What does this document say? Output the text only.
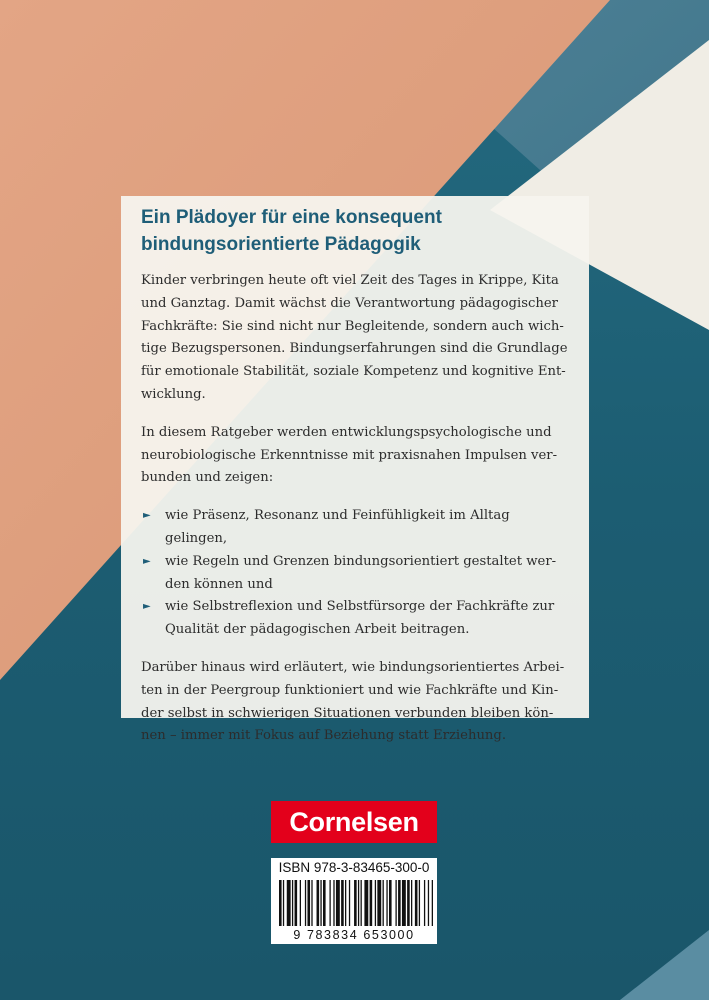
Ein Plädoyer für eine konsequent
bindungsorientierte Pädagogik

Kinder verbringen heute oft viel Zeit des Tages in Krippe, Kita
und Ganztag. Damit wächst die Verantwortung pädagogischer
Fachkräfte: Sie sind nicht nur Begleitende, sondern auch wich-
tige Bezugspersonen. Bindungserfahrungen sind die Grundlage
für emotionale Stabilität, soziale Kompetenz und kognitive Ent-
wicklung.

In diesem Ratgeber werden entwicklungspsychologische und
neurobiologische Erkenntnisse mit praxisnahen Impulsen ver-
bunden und zeigen:

► wie Präsenz, Resonanz und Feinfühligkeit im Alltag gelingen,
► wie Regeln und Grenzen bindungsorientiert gestaltet wer-
den können und
► wie Selbstreflexion und Selbstfürsorge der Fachkräfte zur
Qualität der pädagogischen Arbeit beitragen.

Darüber hinaus wird erläutert, wie bindungsorientiertes Arbei-
ten in der Peergroup funktioniert und wie Fachkräfte und Kin-
der selbst in schwierigen Situationen verbunden bleiben kön-
nen – immer mit Fokus auf Beziehung statt Erziehung.

Cornelsen
ISBN 978-3-83465-300-0
9 783834 653000
